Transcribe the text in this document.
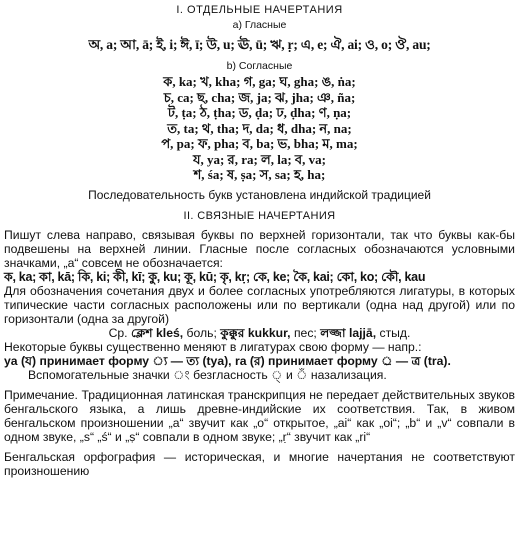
I. ОТДЕЛЬНЫЕ НАЧЕРТАНИЯ
а) Гласные
অ, a; আ, ā; ই, i; ঈ, ī; উ, u; ঊ, ū; ঋ, ṛ; এ, e; ঐ, ai; ও, o; ঔ, au;
b) Согласные
ক, ka; খ, kha; গ, ga; ঘ, gha; ঙ, ṅa;
চ, ca; ছ, cha; জ, ja; ঝ, jha; ঞ, ña;
ট, ṭa; ঠ, ṭha; ড, ḍa; ঢ, ḍha; ণ, ṇa;
ত, ta; থ, tha; দ, da; ধ, dha; ন, na;
প, pa; ফ, pha; ব, ba; ভ, bha; ম, ma;
য, ya; র, ra; ল, la; ব, va;
শ, śa; ষ, ṣa; স, sa; হ, ha;
Последовательность букв установлена индийской традицией
II. СВЯЗНЫЕ НАЧЕРТАНИЯ

Пишут слева направо, связывая буквы по верхней горизонтали, так что буквы как-бы подвешены на верхней линии. Гласные после согласных обозначаются условными значками, „a“ совсем не обозначается:

ক, ka; কা, kā; কি, ki; কী, kī; কু, ku; কূ, kū; কৃ, kṛ; কে, ke; কৈ, kai; কো, ko; কৌ, kau

Для обозначения сочетания двух и более согласных употребляются лигатуры, в которых типические части согласных расположены или по вертикали (одна над другой) или по горизонтали (одна за другой)

Ср. ক্লেশ kleś, боль; কুক্কুর kukkur, пес; লজ্জা lajjā, стыд.
Некоторые буквы существенно меняют в лигатурах свою форму — напр.:
ya (য) принимает форму ্য — ত্য (tya), ra (র) принимает форму ্র — ত্র (tra).
Вспомогательные значки ং безгласность ্ и ঁ назализация.

Примечание. Традиционная латинская транскрипция не передает действительных звуков бенгальского языка, а лишь древне-индийские их соответствия. Так, в живом бенгальском произношении „a“ звучит как „o“ открытое, „ai“ как „oi“; „b“ и „v“ совпали в одном звуке, „s“ „ś“ и „ṣ“ совпали в одном звуке; „ṛ“ звучит как „ri“

Бенгальская орфография — историческая, и многие начертания не соответствуют произношению
